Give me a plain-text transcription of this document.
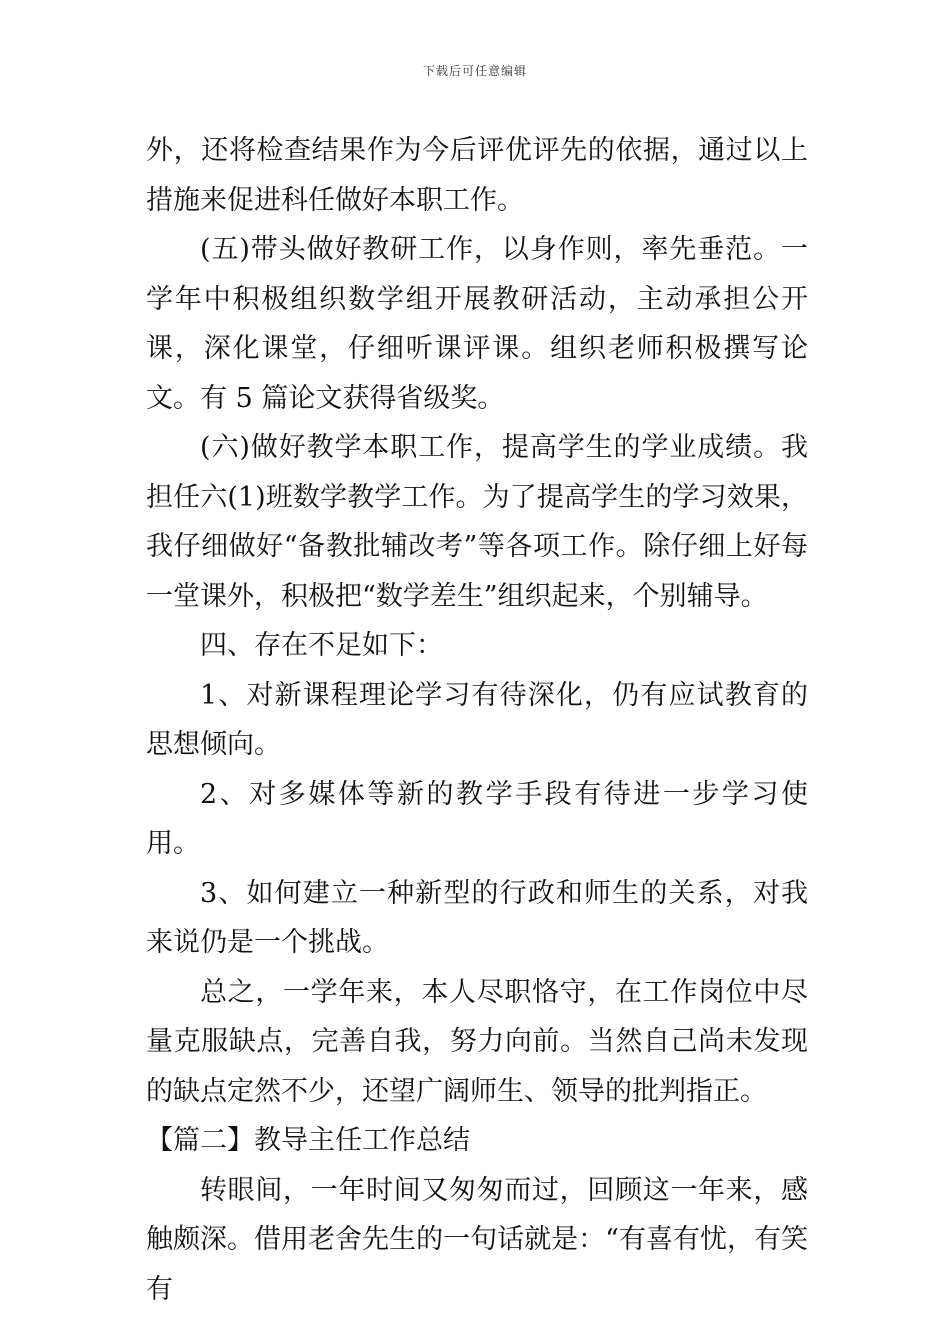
下载后可任意编辑

外，还将检查结果作为今后评优评先的依据，通过以上措施来促进科任做好本职工作。

(五)带头做好教研工作，以身作则，率先垂范。一学年中积极组织数学组开展教研活动，主动承担公开课，深化课堂，仔细听课评课。组织老师积极撰写论文。有 5 篇论文获得省级奖。

(六)做好教学本职工作，提高学生的学业成绩。我担任六(1)班数学教学工作。为了提高学生的学习效果，我仔细做好“备教批辅改考”等各项工作。除仔细上好每一堂课外，积极把“数学差生”组织起来，个别辅导。

四、存在不足如下：

1、对新课程理论学习有待深化，仍有应试教育的思想倾向。

2、对多媒体等新的教学手段有待进一步学习使用。

3、如何建立一种新型的行政和师生的关系，对我来说仍是一个挑战。

总之，一学年来，本人尽职恪守，在工作岗位中尽量克服缺点，完善自我，努力向前。当然自己尚未发现的缺点定然不少，还望广阔师生、领导的批判指正。

【篇二】教导主任工作总结

转眼间，一年时间又匆匆而过，回顾这一年来，感触颇深。借用老舍先生的一句话就是：“有喜有忧，有笑有
